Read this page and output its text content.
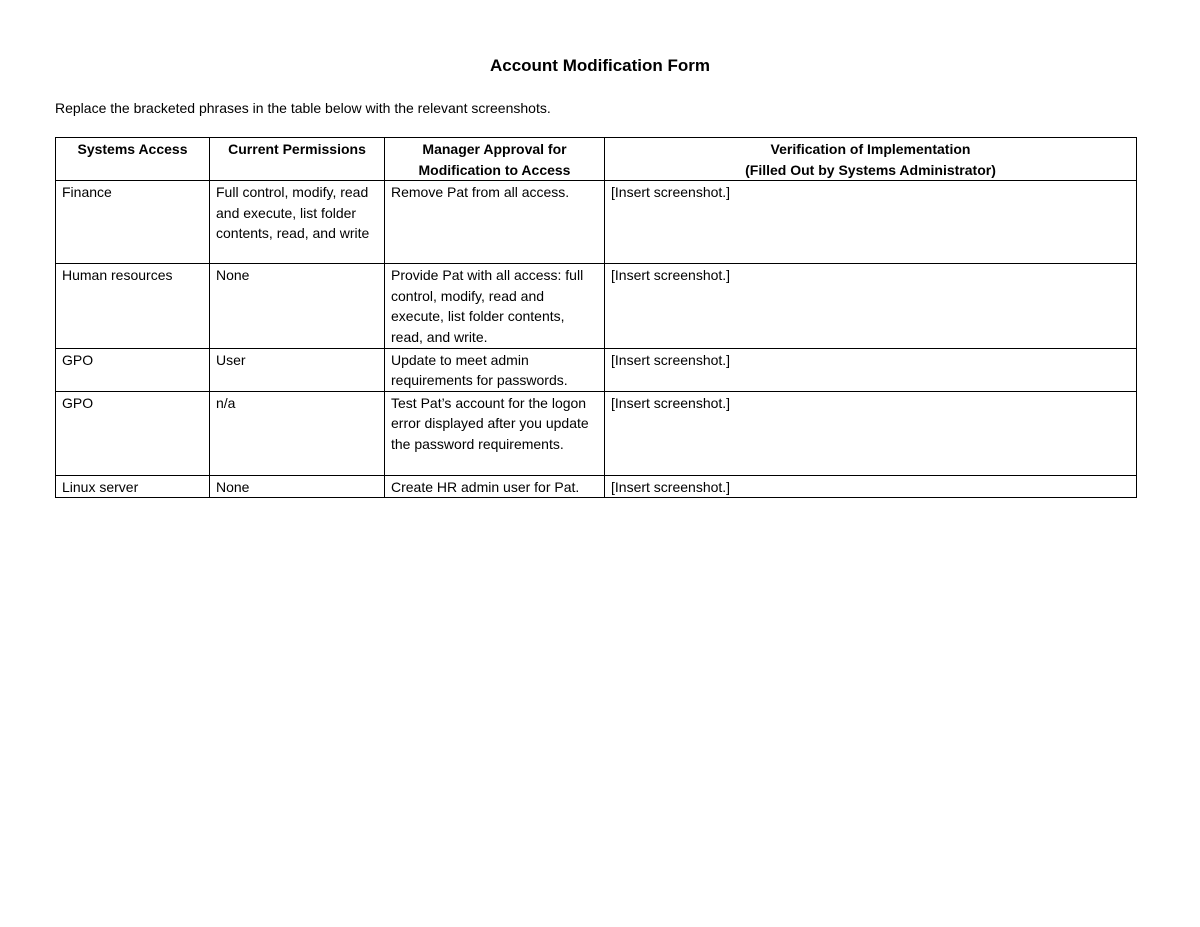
Account Modification Form
Replace the bracketed phrases in the table below with the relevant screenshots.
Systems Access	Current Permissions	Manager Approval for Modification to Access	Verification of Implementation
(Filled Out by Systems Administrator)
Finance	Full control, modify, read and execute, list folder contents, read, and write	Remove Pat from all access.	[Insert screenshot.]
Human resources	None	Provide Pat with all access: full control, modify, read and execute, list folder contents, read, and write.	[Insert screenshot.]
GPO	User	Update to meet admin requirements for passwords.	[Insert screenshot.]
GPO	n/a	Test Pat’s account for the logon error displayed after you update the password requirements.	[Insert screenshot.]
Linux server	None	Create HR admin user for Pat.	[Insert screenshot.]
